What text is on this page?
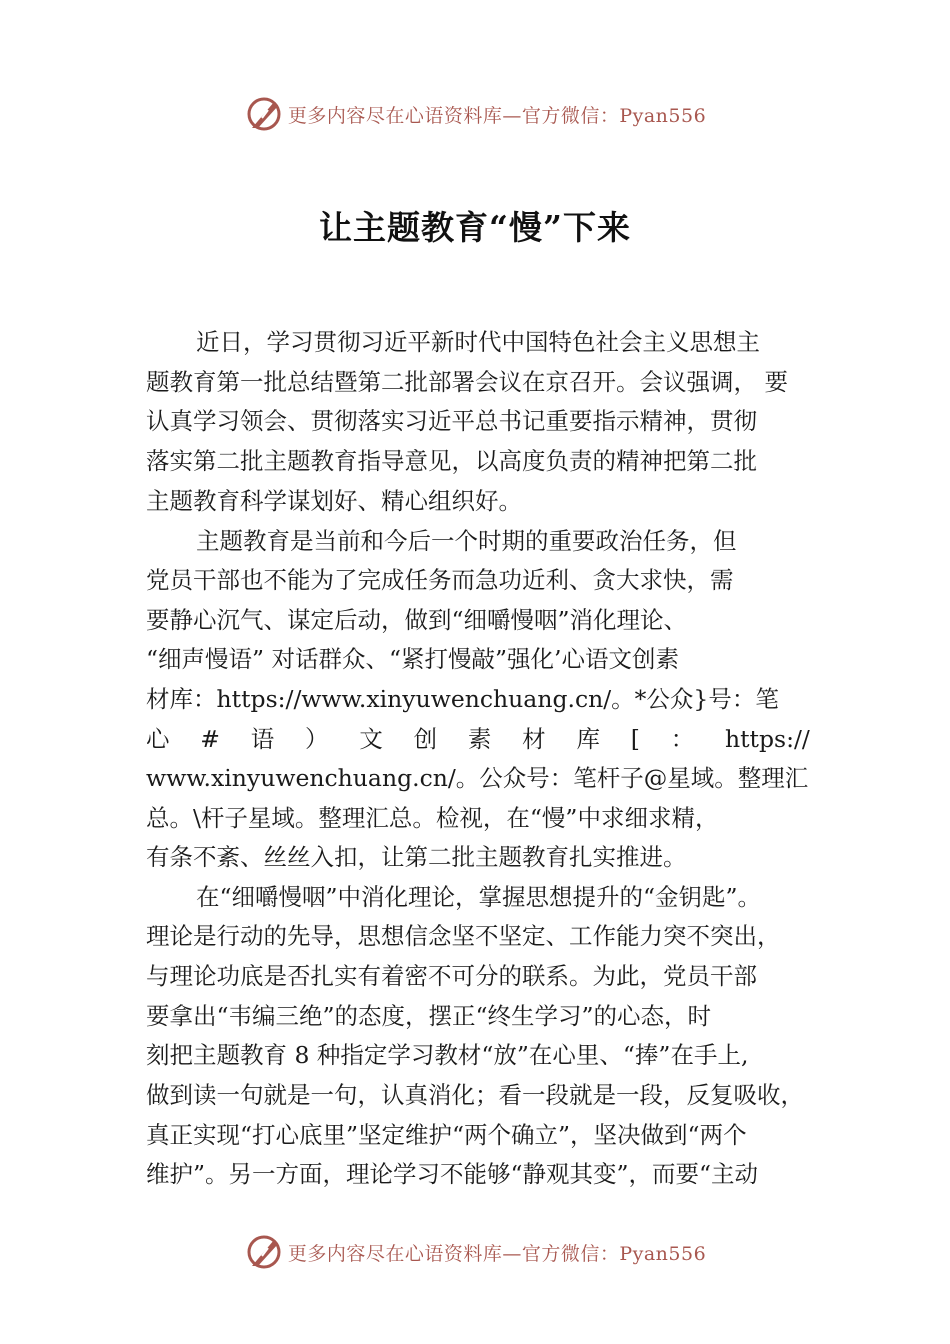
更多内容尽在心语资料库—官方微信：Pyan556
让主题教育“慢”下来
近日，学习贯彻习近平新时代中国特色社会主义思想主
题教育第一批总结暨第二批部署会议在京召开。会议强调， 要
认真学习领会、贯彻落实习近平总书记重要指示精神，贯彻
落实第二批主题教育指导意见，以高度负责的精神把第二批
主题教育科学谋划好、精心组织好。
主题教育是当前和今后一个时期的重要政治任务，但
党员干部也不能为了完成任务而急功近利、贪大求快，需
要静心沉气、谋定后动，做到“细嚼慢咽”消化理论、
“细声慢语” 对话群众、“紧打慢敲”强化’心语文创素
材库：https://www.xinyuwenchuang.cn/。*公众}号：笔
心 # 语 ） 文 创 素 材 库 [ ： https://
www.xinyuwenchuang.cn/。公众号：笔杆子@星域。整理汇
总。\杆子星域。整理汇总。检视，在“慢”中求细求精，
有条不紊、丝丝入扣，让第二批主题教育扎实推进。
在“细嚼慢咽”中消化理论，掌握思想提升的“金钥匙”。
理论是行动的先导，思想信念坚不坚定、工作能力突不突出，
与理论功底是否扎实有着密不可分的联系。为此，党员干部
要拿出“韦编三绝”的态度，摆正“终生学习”的心态，时
刻把主题教育 8 种指定学习教材“放”在心里、“捧”在手上,
做到读一句就是一句，认真消化；看一段就是一段，反复吸收，
真正实现“打心底里”坚定维护“两个确立”，坚决做到“两个
维护”。另一方面，理论学习不能够“静观其变”，而要“主动
更多内容尽在心语资料库—官方微信：Pyan556
